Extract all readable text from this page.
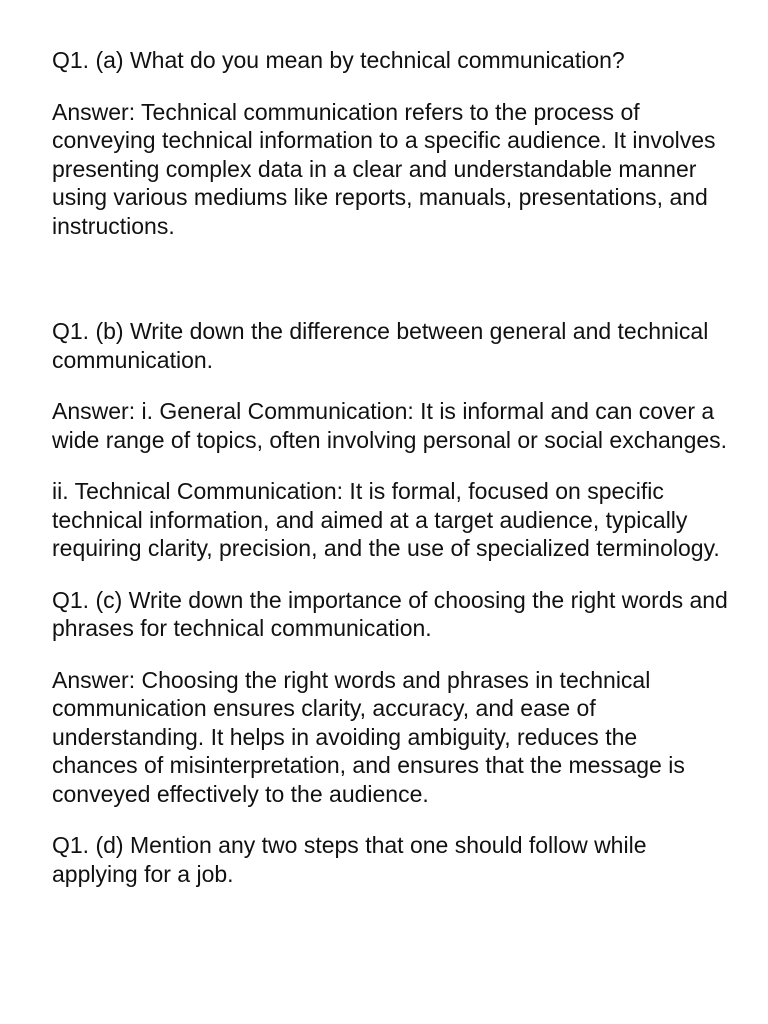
Q1. (a) What do you mean by technical communication?

Answer: Technical communication refers to the process of conveying technical information to a specific audience. It involves presenting complex data in a clear and understandable manner using various mediums like reports, manuals, presentations, and instructions.

Q1. (b) Write down the difference between general and technical communication.

Answer: i. General Communication: It is informal and can cover a wide range of topics, often involving personal or social exchanges.

ii. Technical Communication: It is formal, focused on specific technical information, and aimed at a target audience, typically requiring clarity, precision, and the use of specialized terminology.

Q1. (c) Write down the importance of choosing the right words and phrases for technical communication.

Answer: Choosing the right words and phrases in technical communication ensures clarity, accuracy, and ease of understanding. It helps in avoiding ambiguity, reduces the chances of misinterpretation, and ensures that the message is conveyed effectively to the audience.

Q1. (d) Mention any two steps that one should follow while applying for a job.
